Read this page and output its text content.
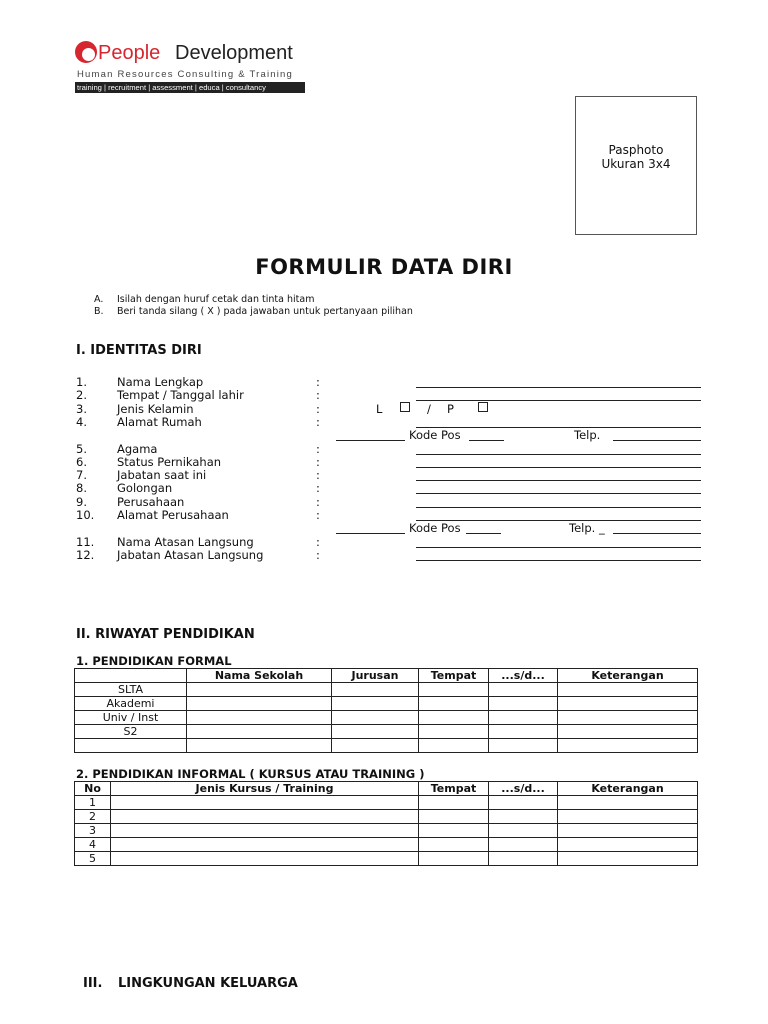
People Development
Human Resources Consulting & Training
training | recruitment | assessment | educa | consultancy
Pasphoto
Ukuran 3x4
FORMULIR DATA DIRI
A. Isilah dengan huruf cetak dan tinta hitam
B. Beri tanda silang ( X ) pada jawaban untuk pertanyaan pilihan
I. IDENTITAS DIRI
1.	Nama Lengkap	:
2.	Tempat / Tanggal lahir	:
3.	Jenis Kelamin	:	L	/ P
4.	Alamat Rumah	:
Kode Pos	Telp.
5.	Agama	:
6.	Status Pernikahan	:
7.	Jabatan saat ini	:
8.	Golongan	:
9.	Perusahaan	:
10. Alamat Perusahaan	:
Kode Pos	Telp. _
11. Nama Atasan Langsung	:
12. Jabatan Atasan Langsung	:
II. RIWAYAT PENDIDIKAN
1. PENDIDIKAN FORMAL
	Nama Sekolah	Jurusan	Tempat	...s/d...	Keterangan
SLTA					
Akademi					
Univ / Inst					
S2					

2. PENDIDIKAN INFORMAL ( KURSUS ATAU TRAINING )
No	Jenis Kursus / Training	Tempat	...s/d...	Keterangan
1				
2				
3				
4				
5				
III. LINGKUNGAN KELUARGA
